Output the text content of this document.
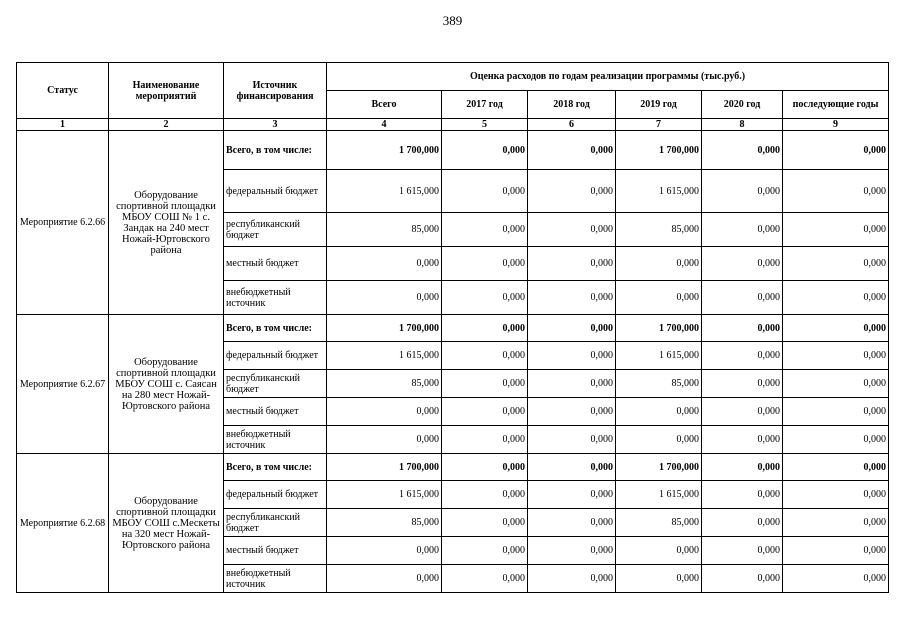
389
Статус	Наименование мероприятий	Источник финансирования	Оценка расходов по годам реализации программы (тыс.руб.)					
			Всего	2017 год	2018 год	2019 год	2020 год	последующие годы
1	2	3	4	5	6	7	8	9
Мероприятие 6.2.66	Оборудование спортивной площадки МБОУ СОШ № 1 с. Зандак на 240 мест Ножай-Юртовского района	Всего, в том числе:	1 700,000	0,000	0,000	1 700,000	0,000	0,000
		федеральный бюджет	1 615,000	0,000	0,000	1 615,000	0,000	0,000
		республиканский бюджет	85,000	0,000	0,000	85,000	0,000	0,000
		местный бюджет	0,000	0,000	0,000	0,000	0,000	0,000
		внебюджетный источник	0,000	0,000	0,000	0,000	0,000	0,000
Мероприятие 6.2.67	Оборудование спортивной площадки МБОУ СОШ с. Саясан на 280 мест Ножай-Юртовского района	Всего, в том числе:	1 700,000	0,000	0,000	1 700,000	0,000	0,000
		федеральный бюджет	1 615,000	0,000	0,000	1 615,000	0,000	0,000
		республиканский бюджет	85,000	0,000	0,000	85,000	0,000	0,000
		местный бюджет	0,000	0,000	0,000	0,000	0,000	0,000
		внебюджетный источник	0,000	0,000	0,000	0,000	0,000	0,000
Мероприятие 6.2.68	Оборудование спортивной площадки МБОУ СОШ с.Мескеты на 320 мест Ножай-Юртовского района	Всего, в том числе:	1 700,000	0,000	0,000	1 700,000	0,000	0,000
		федеральный бюджет	1 615,000	0,000	0,000	1 615,000	0,000	0,000
		республиканский бюджет	85,000	0,000	0,000	85,000	0,000	0,000
		местный бюджет	0,000	0,000	0,000	0,000	0,000	0,000
		внебюджетный источник	0,000	0,000	0,000	0,000	0,000	0,000
